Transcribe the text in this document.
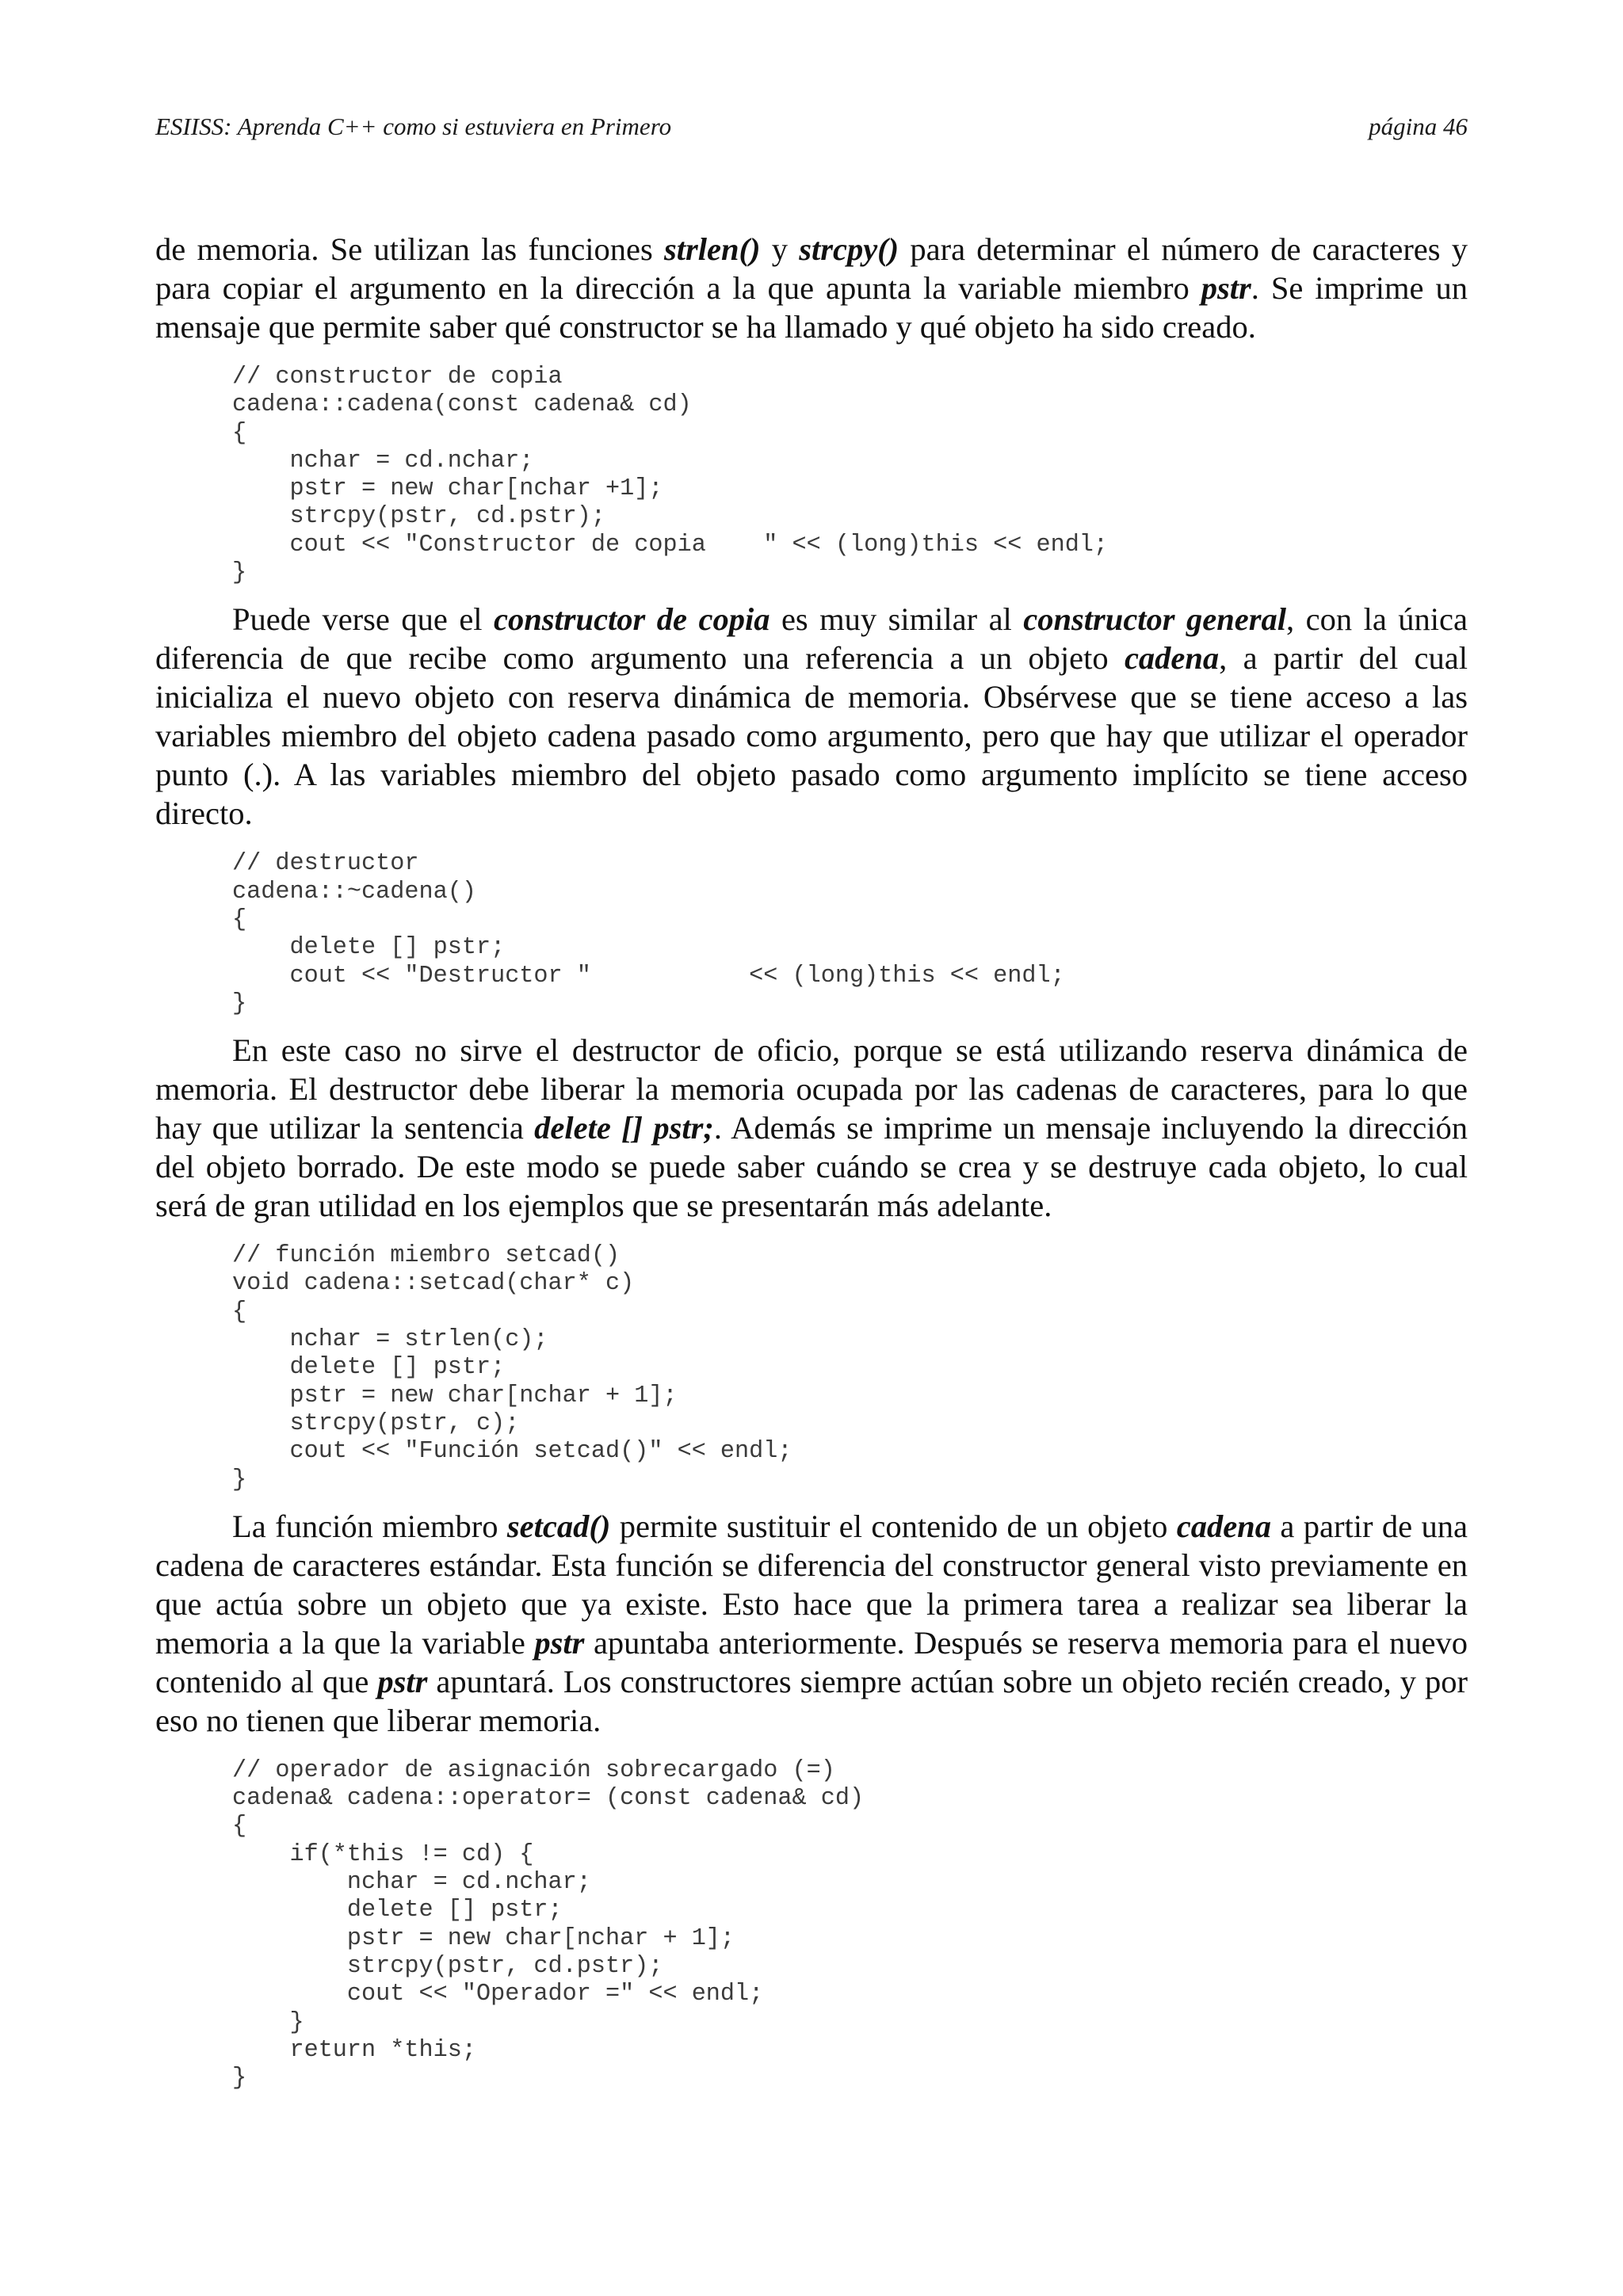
ESIISS: Aprenda C++ como si estuviera en Primero	página 46

de memoria. Se utilizan las funciones strlen() y strcpy() para determinar el número de caracteres y para copiar el argumento en la dirección a la que apunta la variable miembro pstr. Se imprime un mensaje que permite saber qué constructor se ha llamado y qué objeto ha sido creado.

// constructor de copia
cadena::cadena(const cadena& cd)
{
nchar = cd.nchar;
pstr = new char[nchar +1];
strcpy(pstr, cd.pstr);
cout << "Constructor de copia    " << (long)this << endl;
}

Puede verse que el constructor de copia es muy similar al constructor general, con la única diferencia de que recibe como argumento una referencia a un objeto cadena, a partir del cual inicializa el nuevo objeto con reserva dinámica de memoria. Obsérvese que se tiene acceso a las variables miembro del objeto cadena pasado como argumento, pero que hay que utilizar el operador punto (.). A las variables miembro del objeto pasado como argumento implícito se tiene acceso directo.

// destructor
cadena::~cadena()
{
delete [] pstr;
cout << "Destructor "           << (long)this << endl;
}

En este caso no sirve el destructor de oficio, porque se está utilizando reserva dinámica de memoria. El destructor debe liberar la memoria ocupada por las cadenas de caracteres, para lo que hay que utilizar la sentencia delete [] pstr;. Además se imprime un mensaje incluyendo la dirección del objeto borrado. De este modo se puede saber cuándo se crea y se destruye cada objeto, lo cual será de gran utilidad en los ejemplos que se presentarán más adelante.

// función miembro setcad()
void cadena::setcad(char* c)
{
nchar = strlen(c);
delete [] pstr;
pstr = new char[nchar + 1];
strcpy(pstr, c);
cout << "Función setcad()" << endl;
}

La función miembro setcad() permite sustituir el contenido de un objeto cadena a partir de una cadena de caracteres estándar. Esta función se diferencia del constructor general visto previamente en que actúa sobre un objeto que ya existe. Esto hace que la primera tarea a realizar sea liberar la memoria a la que la variable pstr apuntaba anteriormente. Después se reserva memoria para el nuevo contenido al que pstr apuntará. Los constructores siempre actúan sobre un objeto recién creado, y por eso no tienen que liberar memoria.

// operador de asignación sobrecargado (=)
cadena& cadena::operator= (const cadena& cd)
{
if(*this != cd) {
nchar = cd.nchar;
delete [] pstr;
pstr = new char[nchar + 1];
strcpy(pstr, cd.pstr);
cout << "Operador =" << endl;
}
return *this;
}
